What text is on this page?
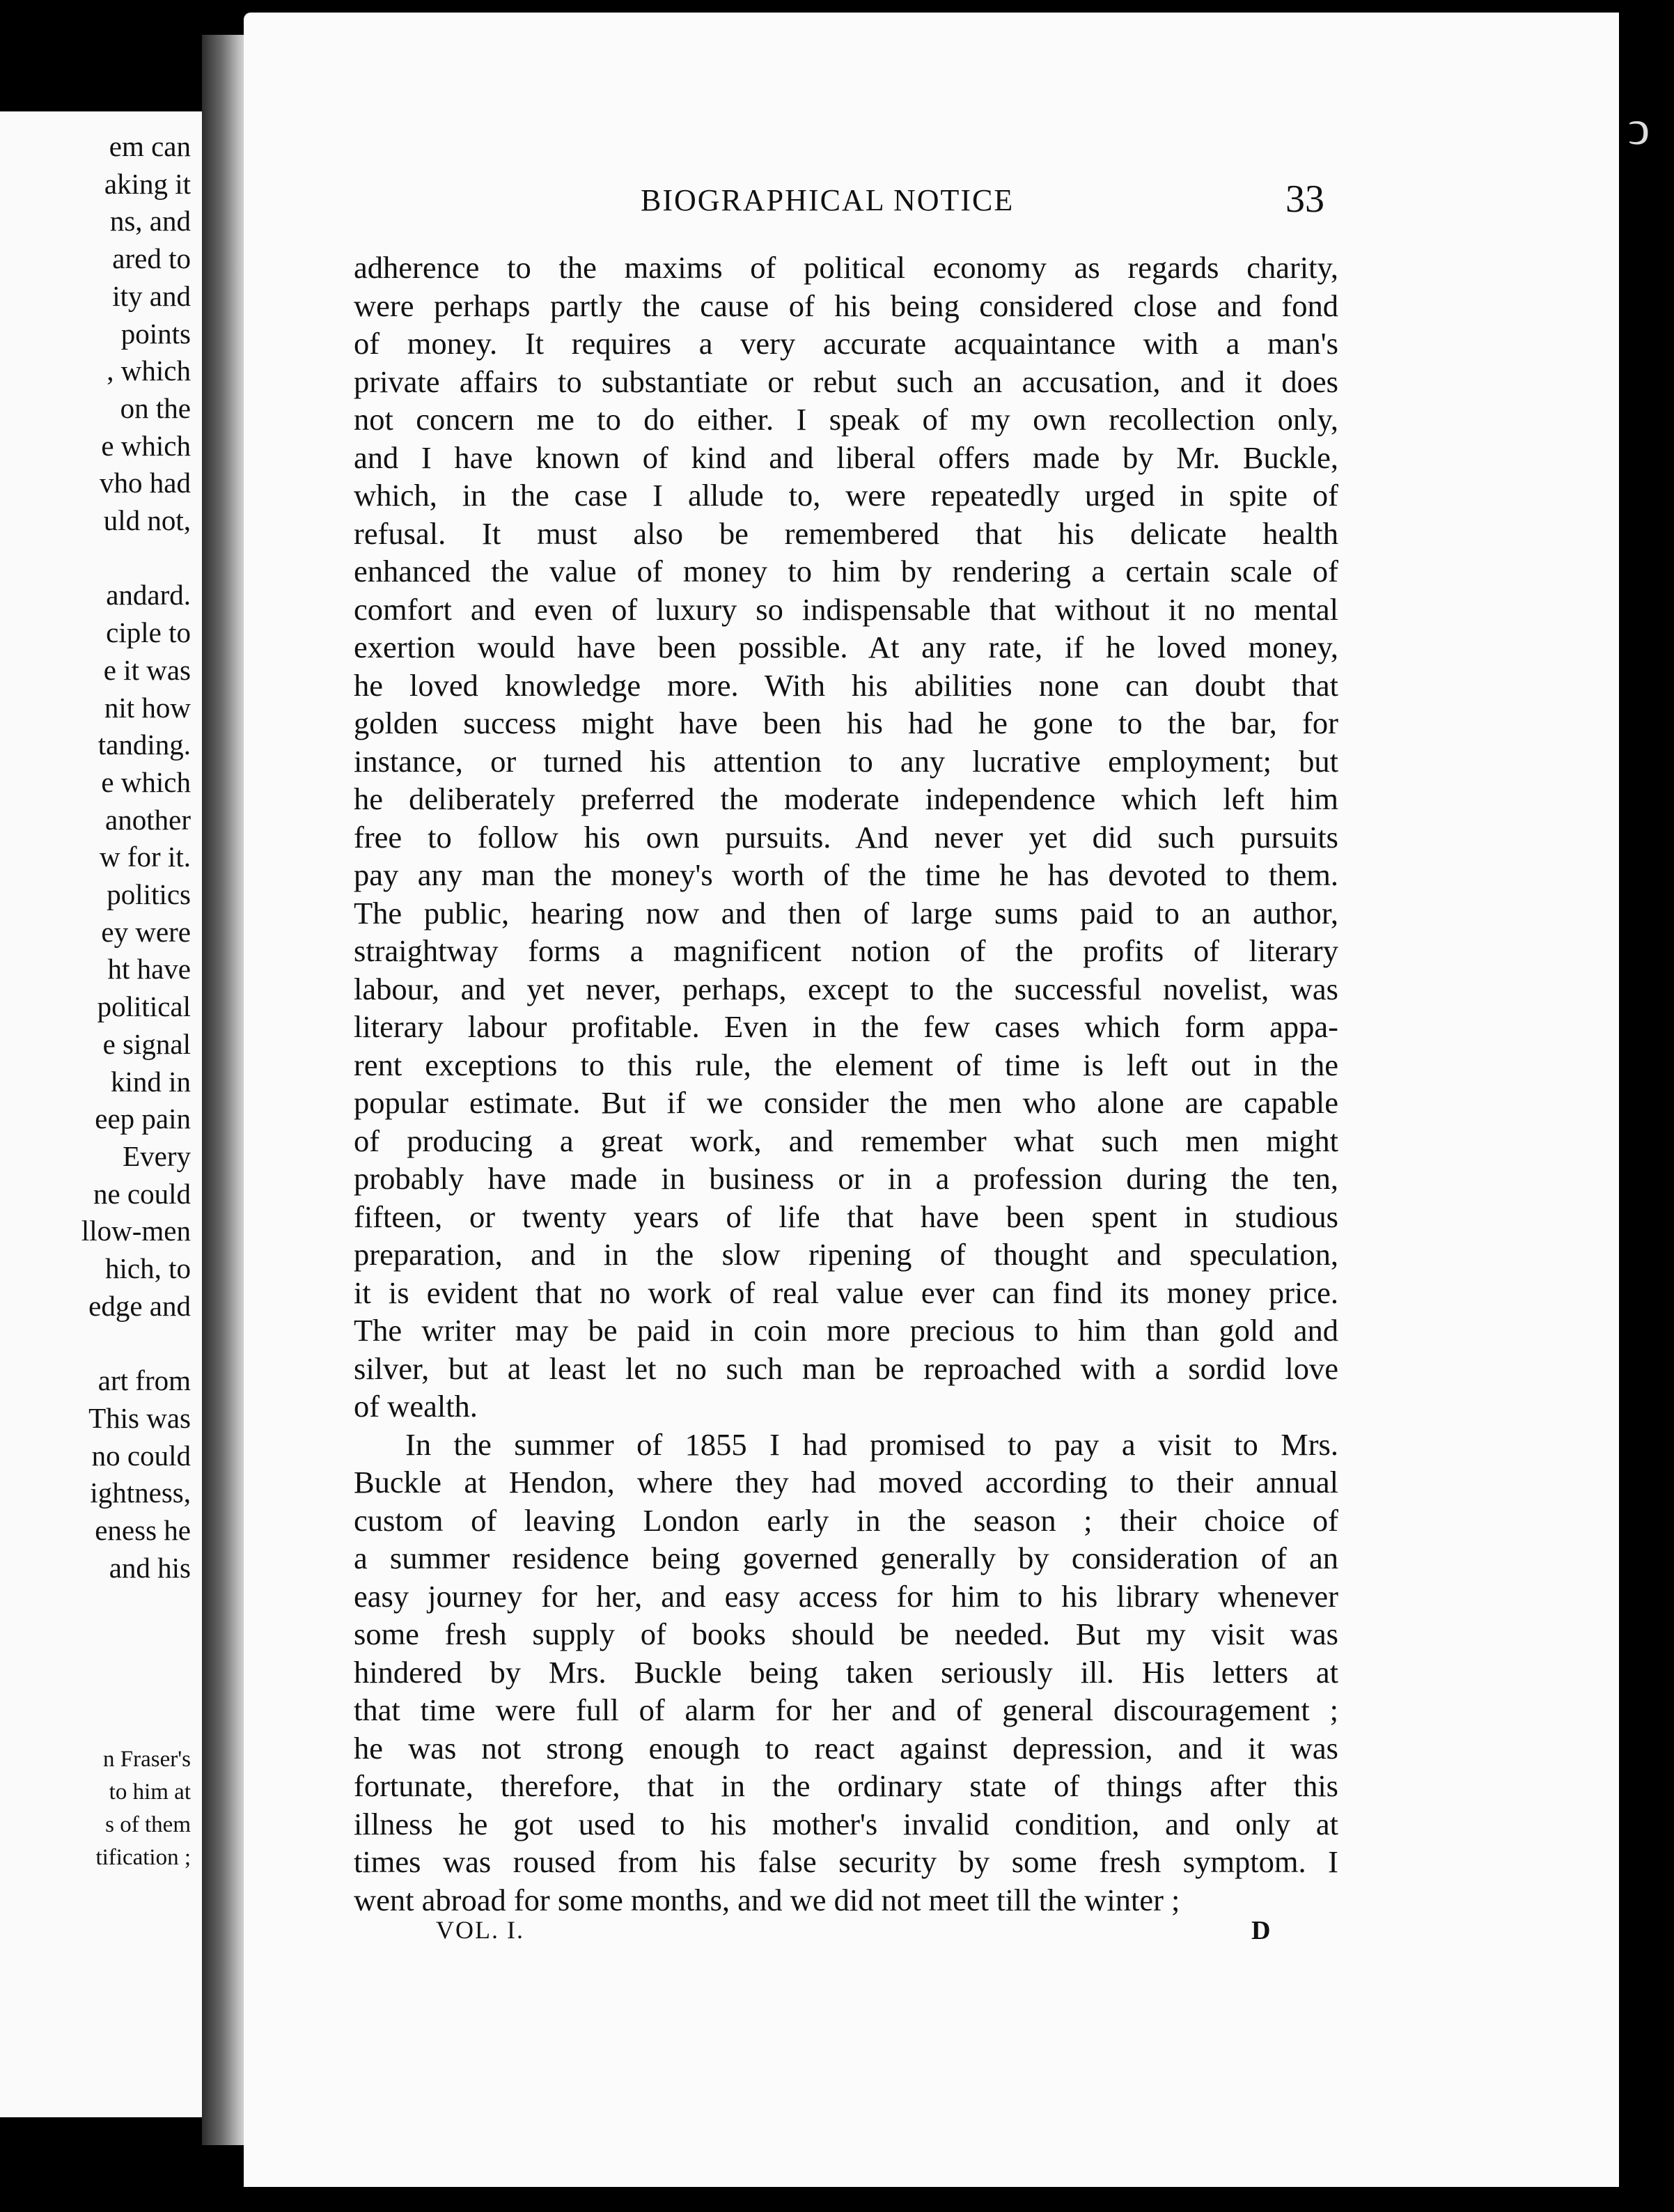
em can
aking it
ns, and
ared to
ity and
points
, which
on the
e which
vho had
uld not,
andard.
ciple to
e it was
nit how
tanding.
e which
another
w for it.
politics
ey were
ht have
political
e signal
kind in
eep pain
Every
ne could
llow-men
hich, to
edge and
art from
This was
no could
ightness,
eness he
and his
n Fraser's
to him at
s of them
tification ;
ͻ
BIOGRAPHICAL NOTICE	33
adherence to the maxims of political economy as regards charity,
were perhaps partly the cause of his being considered close and fond
of money. It requires a very accurate acquaintance with a man's
private affairs to substantiate or rebut such an accusation, and it does
not concern me to do either. I speak of my own recollection only,
and I have known of kind and liberal offers made by Mr. Buckle,
which, in the case I allude to, were repeatedly urged in spite of
refusal. It must also be remembered that his delicate health
enhanced the value of money to him by rendering a certain scale of
comfort and even of luxury so indispensable that without it no mental
exertion would have been possible. At any rate, if he loved money,
he loved knowledge more. With his abilities none can doubt that
golden success might have been his had he gone to the bar, for
instance, or turned his attention to any lucrative employment; but
he deliberately preferred the moderate independence which left him
free to follow his own pursuits. And never yet did such pursuits
pay any man the money's worth of the time he has devoted to them.
The public, hearing now and then of large sums paid to an author,
straightway forms a magnificent notion of the profits of literary
labour, and yet never, perhaps, except to the successful novelist, was
literary labour profitable. Even in the few cases which form appa-
rent exceptions to this rule, the element of time is left out in the
popular estimate. But if we consider the men who alone are capable
of producing a great work, and remember what such men might
probably have made in business or in a profession during the ten,
fifteen, or twenty years of life that have been spent in studious
preparation, and in the slow ripening of thought and speculation,
it is evident that no work of real value ever can find its money price.
The writer may be paid in coin more precious to him than gold and
silver, but at least let no such man be reproached with a sordid love
of wealth.
In the summer of 1855 I had promised to pay a visit to Mrs.
Buckle at Hendon, where they had moved according to their annual
custom of leaving London early in the season ; their choice of
a summer residence being governed generally by consideration of an
easy journey for her, and easy access for him to his library whenever
some fresh supply of books should be needed. But my visit was
hindered by Mrs. Buckle being taken seriously ill. His letters at
that time were full of alarm for her and of general discouragement ;
he was not strong enough to react against depression, and it was
fortunate, therefore, that in the ordinary state of things after this
illness he got used to his mother's invalid condition, and only at
times was roused from his false security by some fresh symptom. I
went abroad for some months, and we did not meet till the winter ;
VOL. I.	D
